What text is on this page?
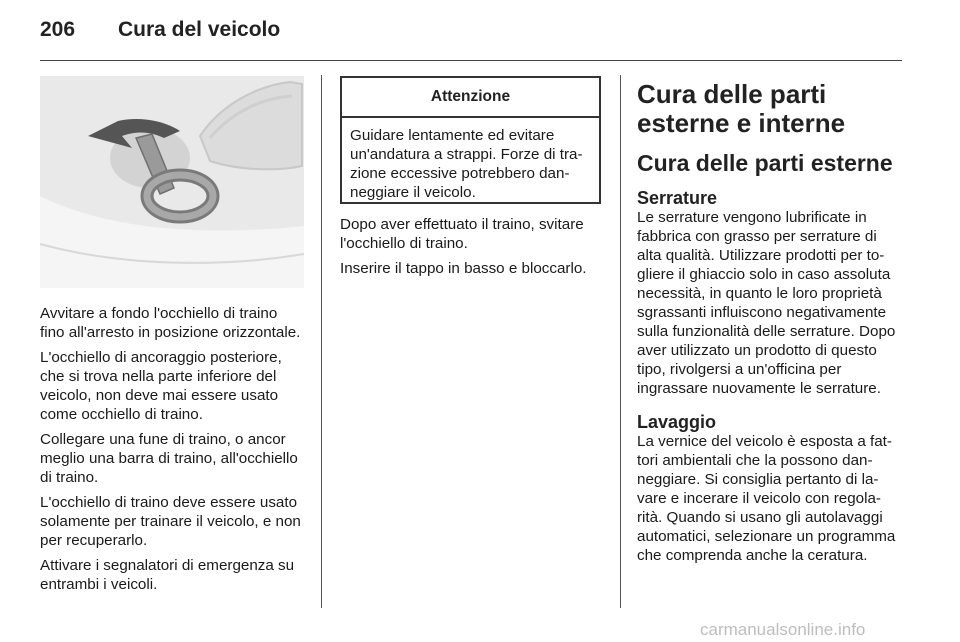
206 Cura del veicolo

Avvitare a fondo l'occhiello di traino fino all'arresto in posizione orizzontale.

L'occhiello di ancoraggio posteriore, che si trova nella parte inferiore del veicolo, non deve mai essere usato come occhiello di traino.

Collegare una fune di traino, o ancor meglio una barra di traino, all'occhiello di traino.

L'occhiello di traino deve essere usato solamente per trainare il veicolo, e non per recuperarlo.

Attivare i segnalatori di emergenza su entrambi i veicoli.

Attenzione
Guidare lentamente ed evitare un'andatura a strappi. Forze di trazione eccessive potrebbero danneggiare il veicolo.

Dopo aver effettuato il traino, svitare l'occhiello di traino.

Inserire il tappo in basso e bloccarlo.

Cura delle parti esterne e interne
Cura delle parti esterne
Serrature

Le serrature vengono lubrificate in fabbrica con grasso per serrature di alta qualità. Utilizzare prodotti per togliere il ghiaccio solo in caso assoluta necessità, in quanto le loro proprietà sgrassanti influiscono negativamente sulla funzionalità delle serrature. Dopo aver utilizzato un prodotto di questo tipo, rivolgersi a un'officina per ingrassare nuovamente le serrature.

Lavaggio

La vernice del veicolo è esposta a fattori ambientali che la possono danneggiare. Si consiglia pertanto di lavare e incerare il veicolo con regolarità. Quando si usano gli autolavaggi automatici, selezionare un programma che comprenda anche la ceratura.

carmanualsonline.info
